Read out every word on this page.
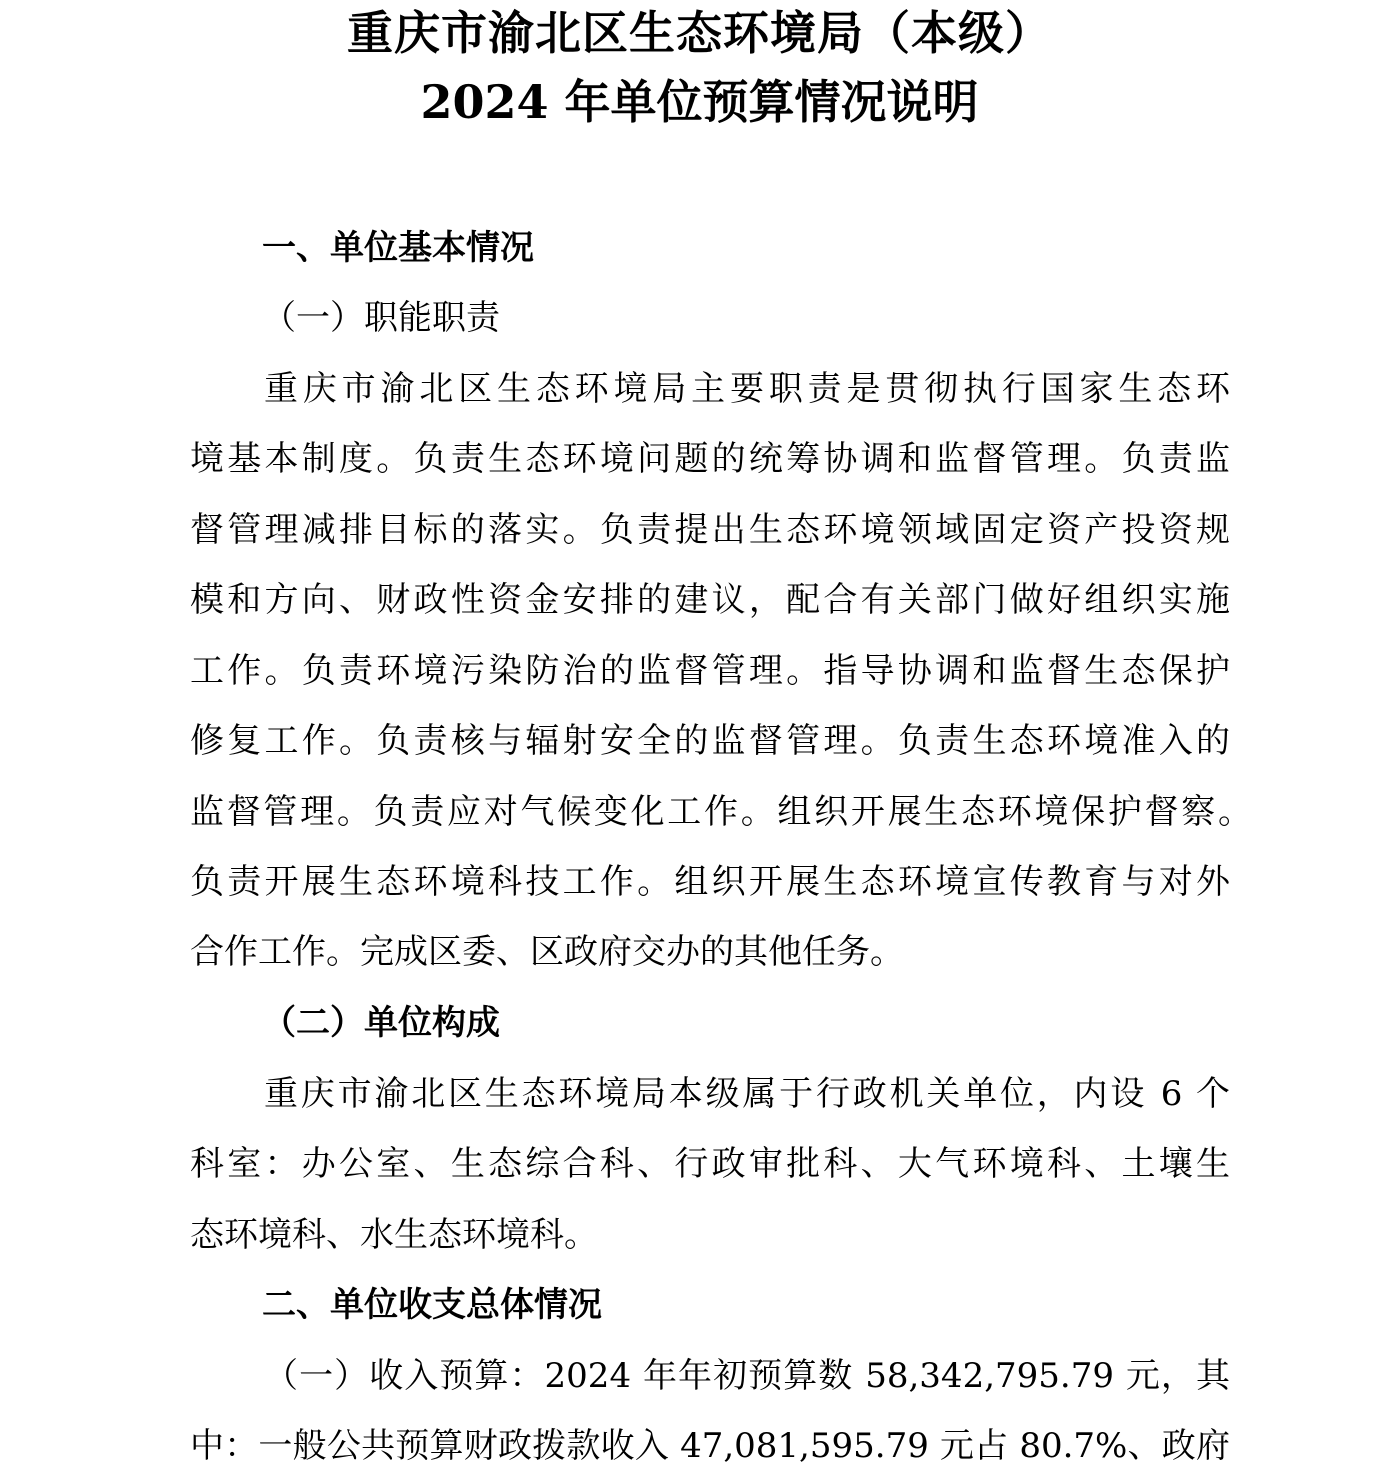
重庆市渝北区生态环境局（本级）
2024 年单位预算情况说明
一、单位基本情况
（一）职能职责
重庆市渝北区生态环境局主要职责是贯彻执行国家生态环
境基本制度。负责生态环境问题的统筹协调和监督管理。负责监
督管理减排目标的落实。负责提出生态环境领域固定资产投资规
模和方向、财政性资金安排的建议，配合有关部门做好组织实施
工作。负责环境污染防治的监督管理。指导协调和监督生态保护
修复工作。负责核与辐射安全的监督管理。负责生态环境准入的
监督管理。负责应对气候变化工作。组织开展生态环境保护督察。
负责开展生态环境科技工作。组织开展生态环境宣传教育与对外
合作工作。完成区委、区政府交办的其他任务。
（二）单位构成
重庆市渝北区生态环境局本级属于行政机关单位，内设 6 个
科室：办公室、生态综合科、行政审批科、大气环境科、土壤生
态环境科、水生态环境科。
二、单位收支总体情况
（一）收入预算：2024 年年初预算数 58,342,795.79 元，其
中：一般公共预算财政拨款收入 47,081,595.79 元占 80.7%、政府
